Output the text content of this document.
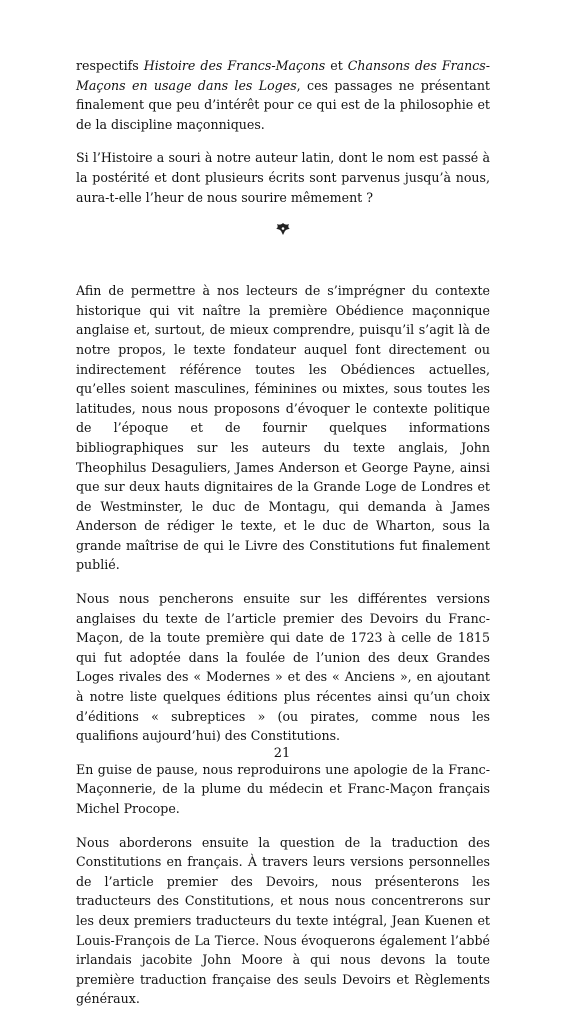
respectifs Histoire des Francs-Maçons et Chansons des Francs-Maçons en usage dans les Loges, ces passages ne présentant finalement que peu d’intérêt pour ce qui est de la philosophie et de la discipline maçonniques.

Si l’Histoire a souri à notre auteur latin, dont le nom est passé à la postérité et dont plusieurs écrits sont parvenus jusqu’à nous, aura-t-elle l’heur de nous sourire mêmement ?

Afin de permettre à nos lecteurs de s’imprégner du contexte historique qui vit naître la première Obédience maçonnique anglaise et, surtout, de mieux comprendre, puisqu’il s’agit là de notre propos, le texte fondateur auquel font directement ou indirectement référence toutes les Obédiences actuelles, qu’elles soient masculines, féminines ou mixtes, sous toutes les latitudes, nous nous proposons d’évoquer le contexte politique de l’époque et de fournir quelques informations bibliographiques sur les auteurs du texte anglais, John Theophilus Desaguliers, James Anderson et George Payne, ainsi que sur deux hauts dignitaires de la Grande Loge de Londres et de Westminster, le duc de Montagu, qui demanda à James Anderson de rédiger le texte, et le duc de Wharton, sous la grande maîtrise de qui le Livre des Constitutions fut finalement publié.

Nous nous pencherons ensuite sur les différentes versions anglaises du texte de l’article premier des Devoirs du Franc-Maçon, de la toute première qui date de 1723 à celle de 1815 qui fut adoptée dans la foulée de l’union des deux Grandes Loges rivales des « Modernes » et des « Anciens », en ajoutant à notre liste quelques éditions plus récentes ainsi qu’un choix d’éditions « subreptices » (ou pirates, comme nous les qualifions aujourd’hui) des Constitutions.

En guise de pause, nous reproduirons une apologie de la Franc-Maçonnerie, de la plume du médecin et Franc-Maçon français Michel Procope.

Nous aborderons ensuite la question de la traduction des Constitutions en français. À travers leurs versions personnelles de l’article premier des Devoirs, nous présenterons les traducteurs des Constitutions, et nous nous concentrerons sur les deux premiers traducteurs du texte intégral, Jean Kuenen et Louis-François de La Tierce. Nous évoquerons également l’abbé irlandais jacobite John Moore à qui nous devons la toute première traduction française des seuls Devoirs et Règlements généraux.

21
